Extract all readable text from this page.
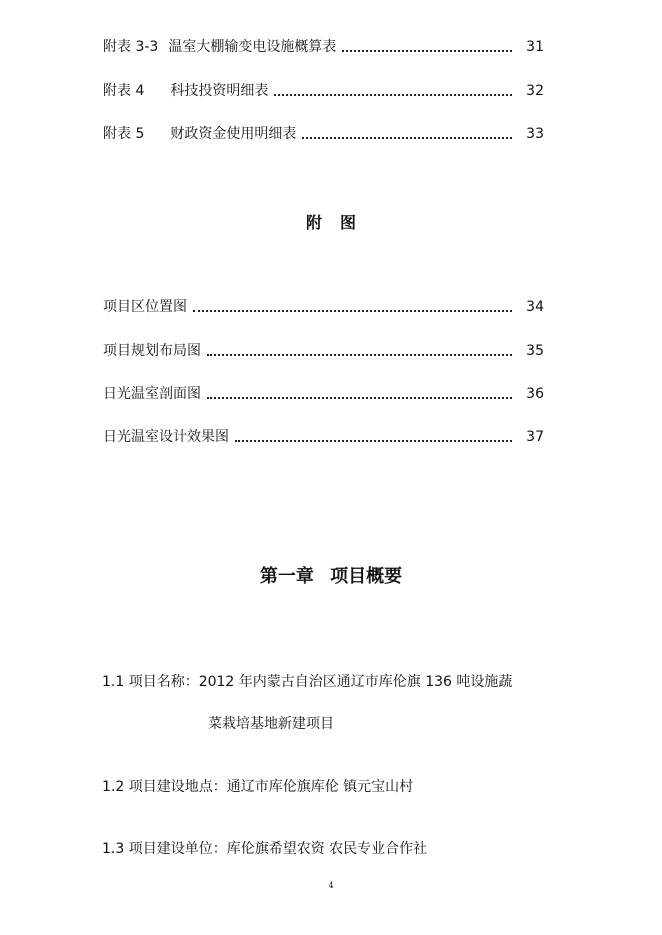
附表 3-3 温室大棚输变电设施概算表	31
附表 4 科技投资明细表	32
附表 5 财政资金使用明细表	33
附图
项目区位置图	34
项目规划布局图	35
日光温室剖面图	36
日光温室设计效果图	37
第一章 项目概要
1.1 项目名称：2012 年内蒙古自治区通辽市库伦旗 136 吨设施蔬
菜栽培基地新建项目
1.2 项目建设地点：通辽市库伦旗库伦 镇元宝山村
1.3 项目建设单位：库伦旗希望农资 农民专业合作社
4
